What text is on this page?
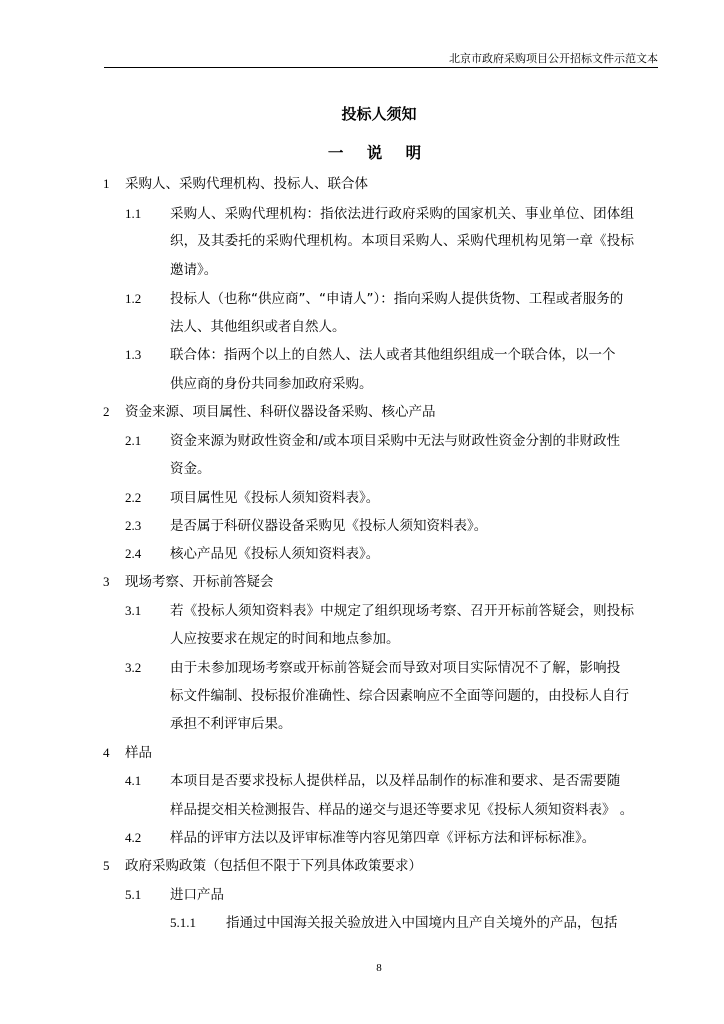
北京市政府采购项目公开招标文件示范文本
投标人须知
一 说 明
1 采购人、采购代理机构、投标人、联合体
1.1 采购人、采购代理机构：指依法进行政府采购的国家机关、事业单位、团体组
织，及其委托的采购代理机构。本项目采购人、采购代理机构见第一章《投标
邀请》。
1.2 投标人（也称“供应商”、“申请人”）：指向采购人提供货物、工程或者服务的
法人、其他组织或者自然人。
1.3 联合体：指两个以上的自然人、法人或者其他组织组成一个联合体，以一个
供应商的身份共同参加政府采购。
2 资金来源、项目属性、科研仪器设备采购、核心产品
2.1 资金来源为财政性资金和/或本项目采购中无法与财政性资金分割的非财政性
资金。
2.2 项目属性见《投标人须知资料表》。
2.3 是否属于科研仪器设备采购见《投标人须知资料表》。
2.4 核心产品见《投标人须知资料表》。
3 现场考察、开标前答疑会
3.1 若《投标人须知资料表》中规定了组织现场考察、召开开标前答疑会，则投标
人应按要求在规定的时间和地点参加。
3.2 由于未参加现场考察或开标前答疑会而导致对项目实际情况不了解，影响投
标文件编制、投标报价准确性、综合因素响应不全面等问题的，由投标人自行
承担不利评审后果。
4 样品
4.1 本项目是否要求投标人提供样品，以及样品制作的标准和要求、是否需要随
样品提交相关检测报告、样品的递交与退还等要求见《投标人须知资料表》 。
4.2 样品的评审方法以及评审标准等内容见第四章《评标方法和评标标准》。
5 政府采购政策（包括但不限于下列具体政策要求）
5.1 进口产品
5.1.1 指通过中国海关报关验放进入中国境内且产自关境外的产品，包括
8
